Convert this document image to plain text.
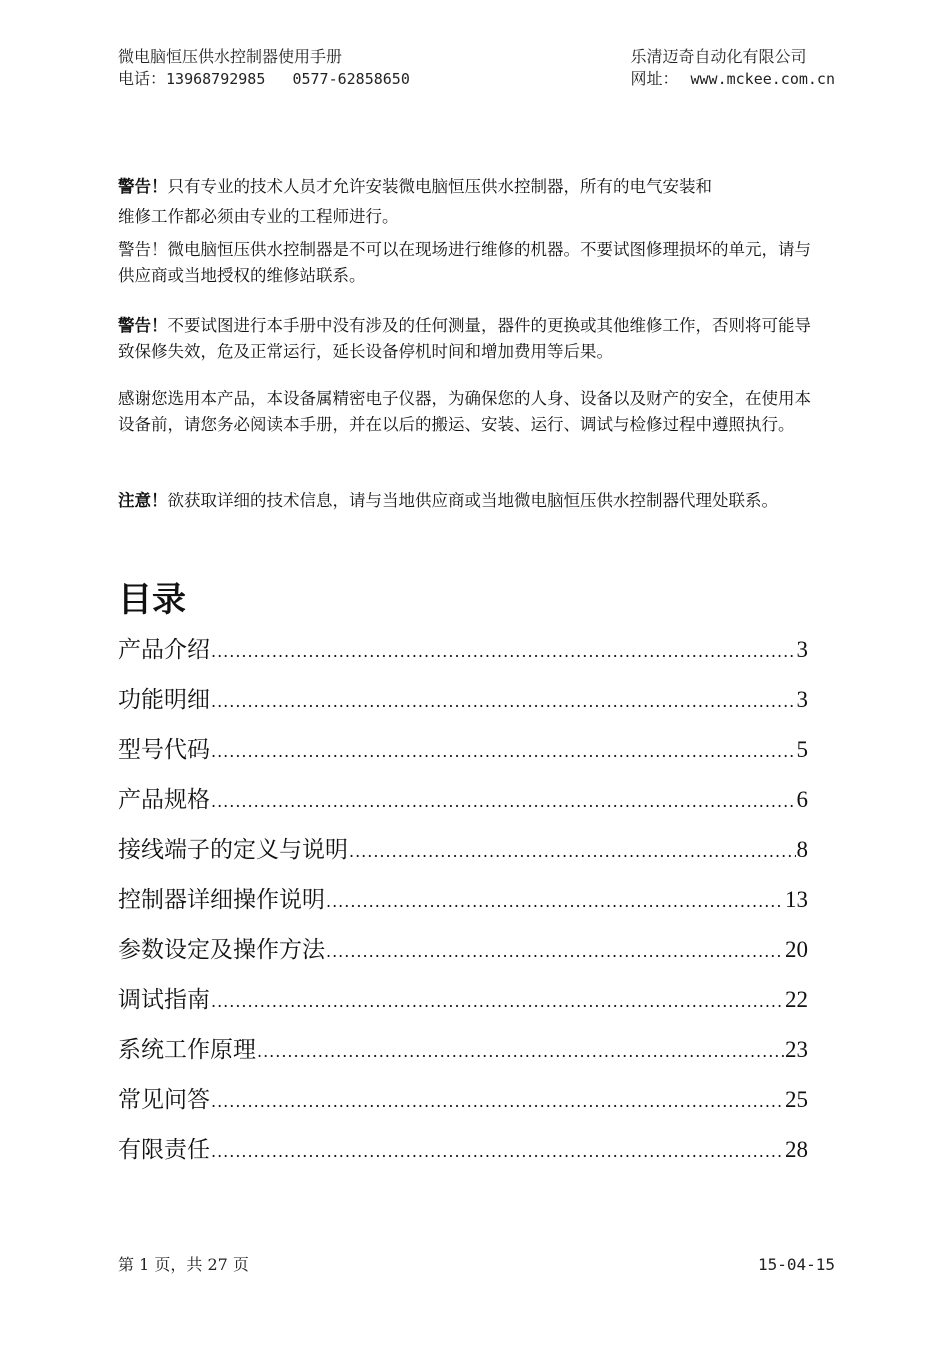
微电脑恒压供水控制器使用手册
电话：13968792985   0577-62858650
乐清迈奇自动化有限公司
网址： www.mckee.com.cn

警告！只有专业的技术人员才允许安装微电脑恒压供水控制器，所有的电气安装和

维修工作都必须由专业的工程师进行。

警告！微电脑恒压供水控制器是不可以在现场进行维修的机器。不要试图修理损坏的单元，请与供应商或当地授权的维修站联系。

警告！不要试图进行本手册中没有涉及的任何测量，器件的更换或其他维修工作，否则将可能导致保修失效，危及正常运行，延长设备停机时间和增加费用等后果。

感谢您选用本产品，本设备属精密电子仪器，为确保您的人身、设备以及财产的安全，在使用本设备前，请您务必阅读本手册，并在以后的搬运、安装、运行、调试与检修过程中遵照执行。

注意！欲获取详细的技术信息，请与当地供应商或当地微电脑恒压供水控制器代理处联系。

目录
产品介绍 .....	3
功能明细 .....	3
型号代码 .....	5
产品规格 .....	6
接线端子的定义与说明 .....	8
控制器详细操作说明 .....	13
参数设定及操作方法 .....	20
调试指南 .....	22
系统工作原理 .....	23
常见问答 .....	25
有限责任 .....	28
第 1 页，共 27 页	15-04-15
